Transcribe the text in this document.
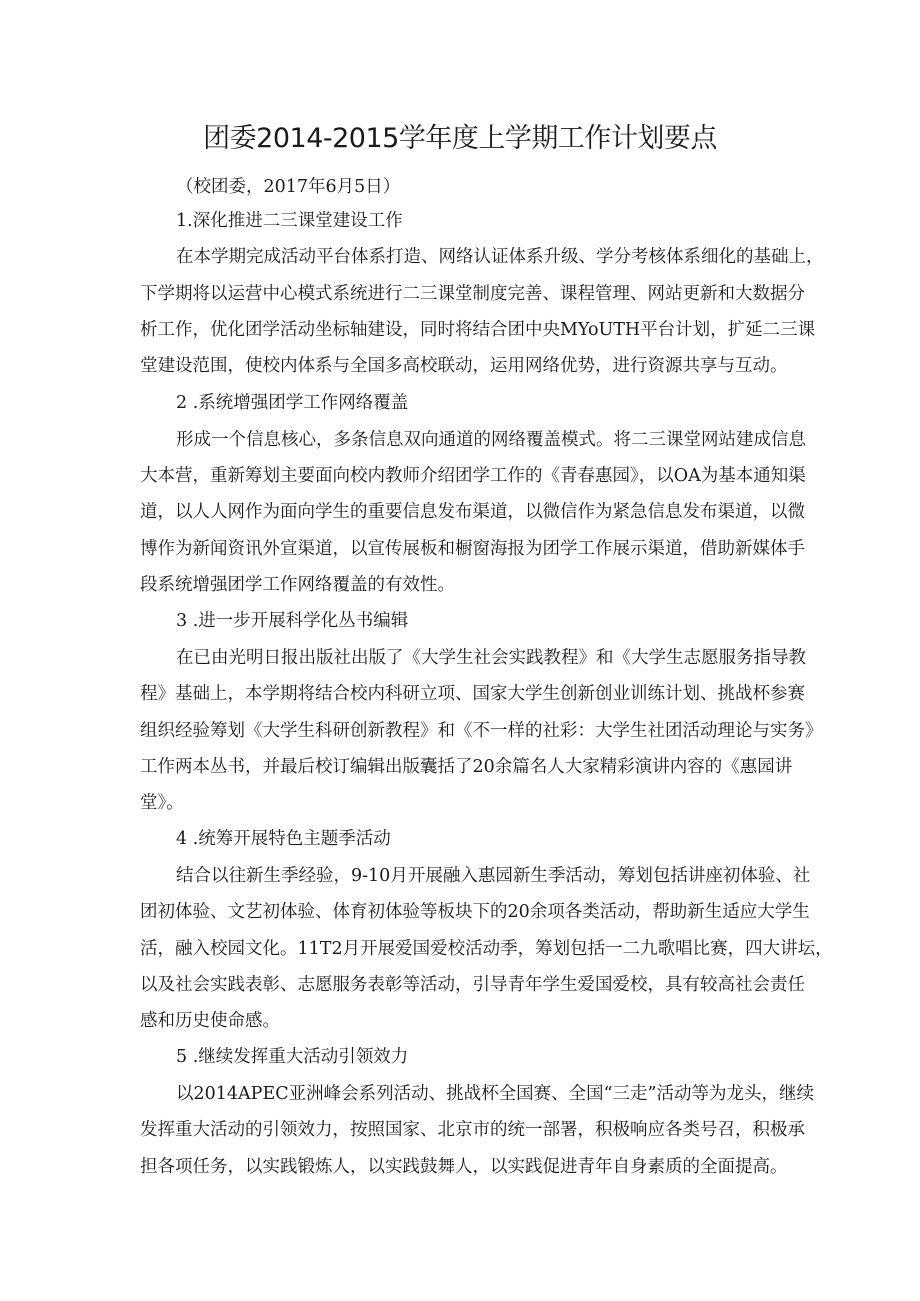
团委2014-2015学年度上学期工作计划要点

（校团委，2017年6月5日）

1.深化推进二三课堂建设工作

在本学期完成活动平台体系打造、网络认证体系升级、学分考核体系细化的基础上，

下学期将以运营中心模式系统进行二三课堂制度完善、课程管理、网站更新和大数据分

析工作，优化团学活动坐标轴建设，同时将结合团中央MYoUTH平台计划，扩延二三课

堂建设范围，使校内体系与全国多高校联动，运用网络优势，进行资源共享与互动。

2 .系统增强团学工作网络覆盖

形成一个信息核心，多条信息双向通道的网络覆盖模式。将二三课堂网站建成信息

大本营，重新筹划主要面向校内教师介绍团学工作的《青春惠园》，以OA为基本通知渠

道，以人人网作为面向学生的重要信息发布渠道，以微信作为紧急信息发布渠道，以微

博作为新闻资讯外宣渠道，以宣传展板和橱窗海报为团学工作展示渠道，借助新媒体手

段系统增强团学工作网络覆盖的有效性。

3 .进一步开展科学化丛书编辑

在已由光明日报出版社出版了《大学生社会实践教程》和《大学生志愿服务指导教

程》基础上，本学期将结合校内科研立项、国家大学生创新创业训练计划、挑战杯参赛

组织经验筹划《大学生科研创新教程》和《不一样的社彩：大学生社团活动理论与实务》

工作两本丛书，并最后校订编辑出版囊括了20余篇名人大家精彩演讲内容的《惠园讲

堂》。

4 .统筹开展特色主题季活动

结合以往新生季经验，9-10月开展融入惠园新生季活动，筹划包括讲座初体验、社

团初体验、文艺初体验、体育初体验等板块下的20余项各类活动，帮助新生适应大学生

活，融入校园文化。11T2月开展爱国爱校活动季，筹划包括一二九歌唱比赛，四大讲坛，

以及社会实践表彰、志愿服务表彰等活动，引导青年学生爱国爱校，具有较高社会责任

感和历史使命感。

5 .继续发挥重大活动引领效力

以2014APEC亚洲峰会系列活动、挑战杯全国赛、全国“三走”活动等为龙头，继续

发挥重大活动的引领效力，按照国家、北京市的统一部署，积极响应各类号召，积极承

担各项任务，以实践锻炼人，以实践鼓舞人，以实践促进青年自身素质的全面提高。
